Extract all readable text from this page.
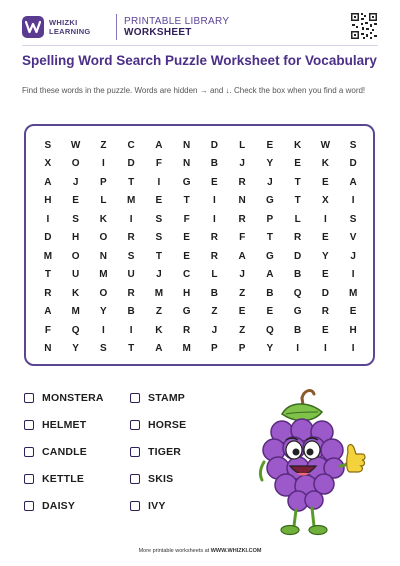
WHIZKI
LEARNING
PRINTABLE LIBRARY
WORKSHEET
Spelling Word Search Puzzle Worksheet for Vocabulary
Find these words in the puzzle. Words are hidden → and ↓. Check the box when you find a word!
S	W	Z	C	A	N	D	L	E	K	W	S
X	O	I	D	F	N	B	J	Y	E	K	D
A	J	P	T	I	G	E	R	J	T	E	A
H	E	L	M	E	T	I	N	G	T	X	I
I	S	K	I	S	F	I	R	P	L	I	S
D	H	O	R	S	E	R	F	T	R	E	V
M	O	N	S	T	E	R	A	G	D	Y	J
T	U	M	U	J	C	L	J	A	B	E	I
R	K	O	R	M	H	B	Z	B	Q	D	M
A	M	Y	B	Z	G	Z	E	E	G	R	E
F	Q	I	I	K	R	J	Z	Q	B	E	H
N	Y	S	T	A	M	P	P	Y	I	I	I
MONSTERA
HELMET
CANDLE
KETTLE
DAISY
STAMP
HORSE
TIGER
SKIS
IVY
More printable worksheets at WWW.WHIZKI.COM
